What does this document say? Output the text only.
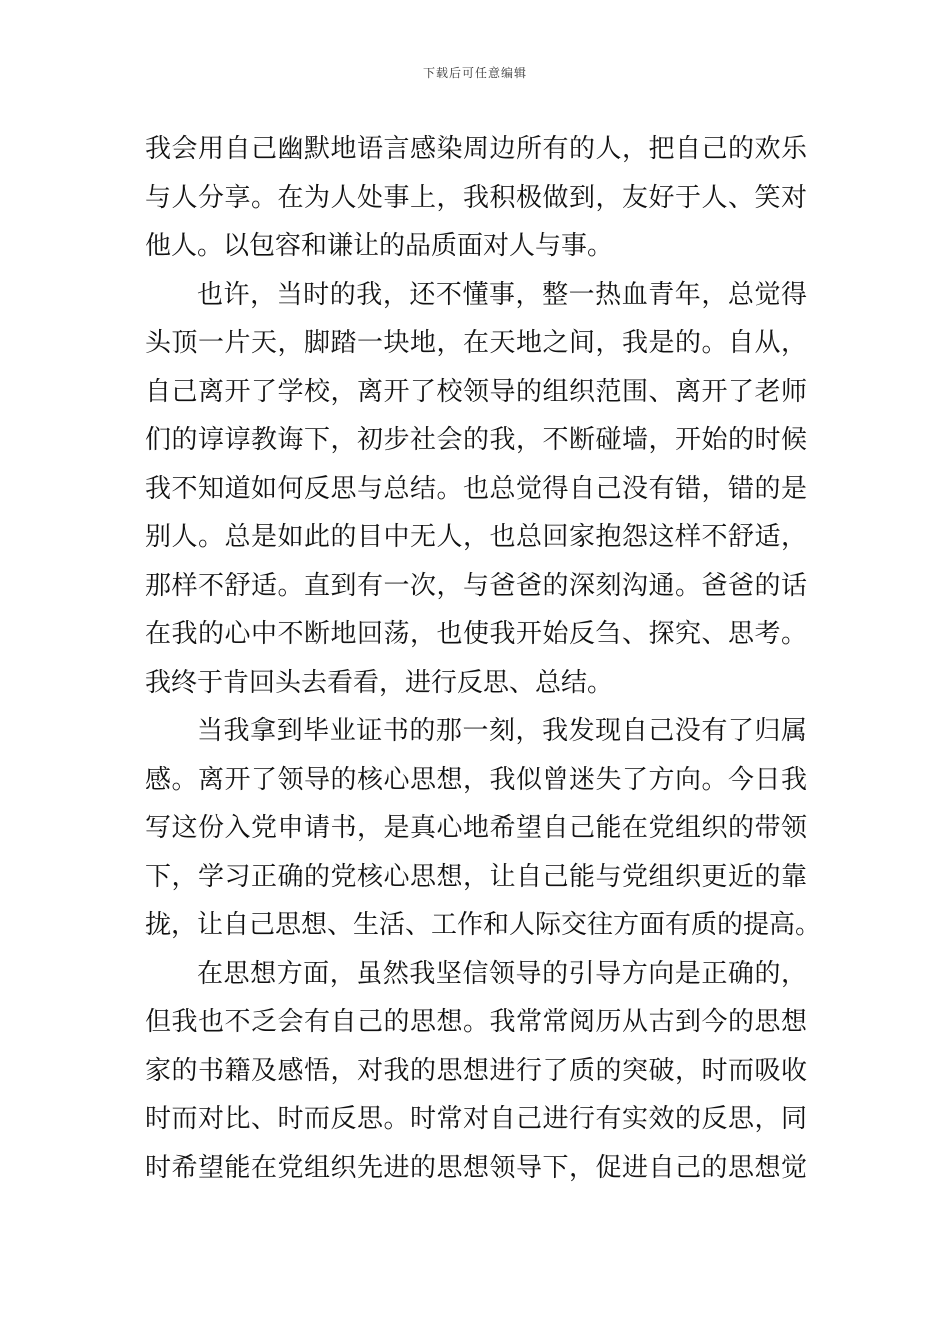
下载后可任意编辑
我会用自己幽默地语言感染周边所有的人，把自己的欢乐
与人分享。在为人处事上，我积极做到，友好于人、笑对
他人。以包容和谦让的品质面对人与事。
也许，当时的我，还不懂事，整一热血青年，总觉得
头顶一片天，脚踏一块地，在天地之间，我是的。自从，
自己离开了学校，离开了校领导的组织范围、离开了老师
们的谆谆教诲下，初步社会的我，不断碰墙，开始的时候
我不知道如何反思与总结。也总觉得自己没有错，错的是
别人。总是如此的目中无人，也总回家抱怨这样不舒适，
那样不舒适。直到有一次，与爸爸的深刻沟通。爸爸的话
在我的心中不断地回荡，也使我开始反刍、探究、思考。
我终于肯回头去看看，进行反思、总结。
当我拿到毕业证书的那一刻，我发现自己没有了归属
感。离开了领导的核心思想，我似曾迷失了方向。今日我
写这份入党申请书，是真心地希望自己能在党组织的带领
下，学习正确的党核心思想，让自己能与党组织更近的靠
拢，让自己思想、生活、工作和人际交往方面有质的提高。
在思想方面，虽然我坚信领导的引导方向是正确的，
但我也不乏会有自己的思想。我常常阅历从古到今的思想
家的书籍及感悟，对我的思想进行了质的突破，时而吸收
时而对比、时而反思。时常对自己进行有实效的反思，同
时希望能在党组织先进的思想领导下，促进自己的思想觉
